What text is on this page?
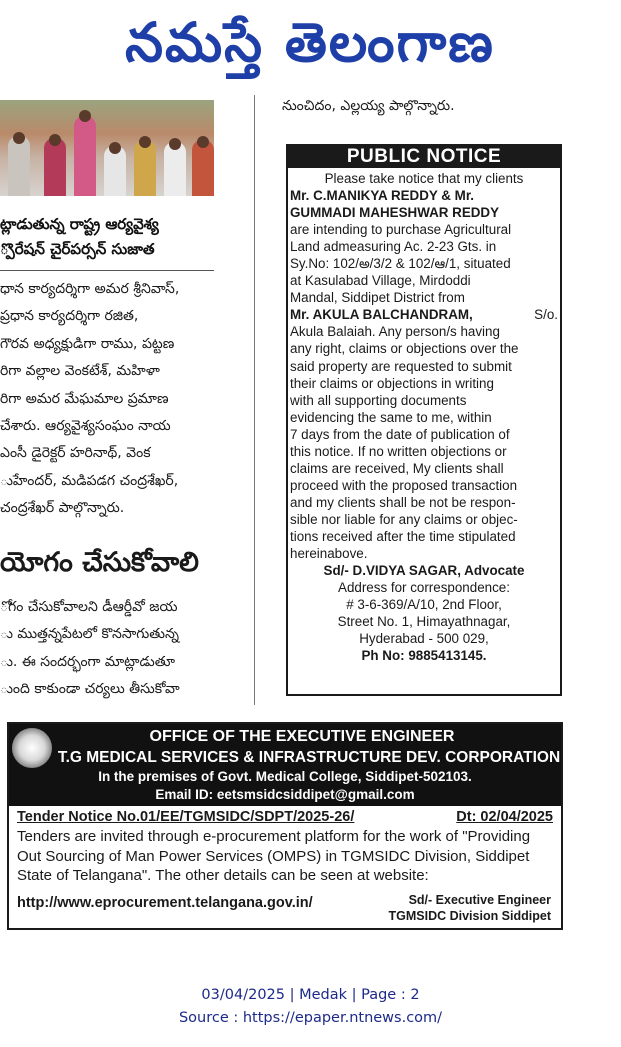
నమస్తే తెలంగాణ
ట్లాడుతున్న రాష్ట్ర ఆర్యవైశ్య
్పొరేషన్ చైర్‌పర్సన్ సుజాత
ధాన కార్యదర్శిగా అమర శ్రీనివాస్,
ప్రధాన కార్యదర్శిగా రజిత,
గౌరవ అధ్యక్షుడిగా రాము, పట్టణ
రిగా వల్లాల వెంకటేశ్, మహిళా
రిగా అమర మేఘమాల ప్రమాణ
చేశారు. ఆర్యవైశ్యసంఘం నాయ
ఎంసీ డైరెక్టర్ హరినాథ్, వెంక
ుహేందర్, మడిపడగ చంద్రశేఖర్,
చంద్రశేఖర్ పాల్గొన్నారు.
యోగం చేసుకోవాలి
ోగం చేసుకోవాలని డీఆర్డీవో జయ
ు ముత్తన్నపేటలో కొనసాగుతున్న
ు. ఈ సందర్భంగా మాట్లాడుతూ
ుంది కాకుండా చర్యలు తీసుకోవా
నుంచిదం, ఎల్లయ్య పాల్గొన్నారు.
PUBLIC NOTICE
Please take notice that my clients
Mr. C.MANIKYA REDDY & Mr.
GUMMADI MAHESHWAR REDDY
are intending to purchase Agricultural
Land admeasuring Ac. 2-23 Gts. in
Sy.No: 102/అ/3/2 & 102/ఆ/1, situated
at Kasulabad Village, Mirdoddi
Mandal, Siddipet District from
Mr. AKULA BALCHANDRAM,	S/o.
Akula Balaiah. Any person/s having
any right, claims or objections over the
said property are requested to submit
their claims or objections in writing
with all supporting documents
evidencing the same to me, within
7 days from the date of publication of
this notice. If no written objections or
claims are received, My clients shall
proceed with the proposed transaction
and my clients shall be not be respon-
sible nor liable for any claims or objec-
tions received after the time stipulated
hereinabove.
Sd/- D.VIDYA SAGAR, Advocate
Address for correspondence:
# 3-6-369/A/10, 2nd Floor,
Street No. 1, Himayathnagar,
Hyderabad - 500 029,
Ph No: 9885413145.
OFFICE OF THE EXECUTIVE ENGINEER
T.G MEDICAL SERVICES & INFRASTRUCTURE DEV. CORPORATION
In the premises of Govt. Medical College, Siddipet-502103.
Email ID: eetsmsidcsiddipet@gmail.com
Tender Notice No.01/EE/TGMSIDC/SDPT/2025-26/	Dt: 02/04/2025
Tenders are invited through e-procurement platform for the work of "Providing
Out Sourcing of Man Power Services (OMPS) in TGMSIDC Division, Siddipet
State of Telangana". The other details can be seen at website:
http://www.eprocurement.telangana.gov.in/	Sd/- Executive Engineer
TGMSIDC Division Siddipet
03/04/2025 | Medak | Page : 2
Source : https://epaper.ntnews.com/
